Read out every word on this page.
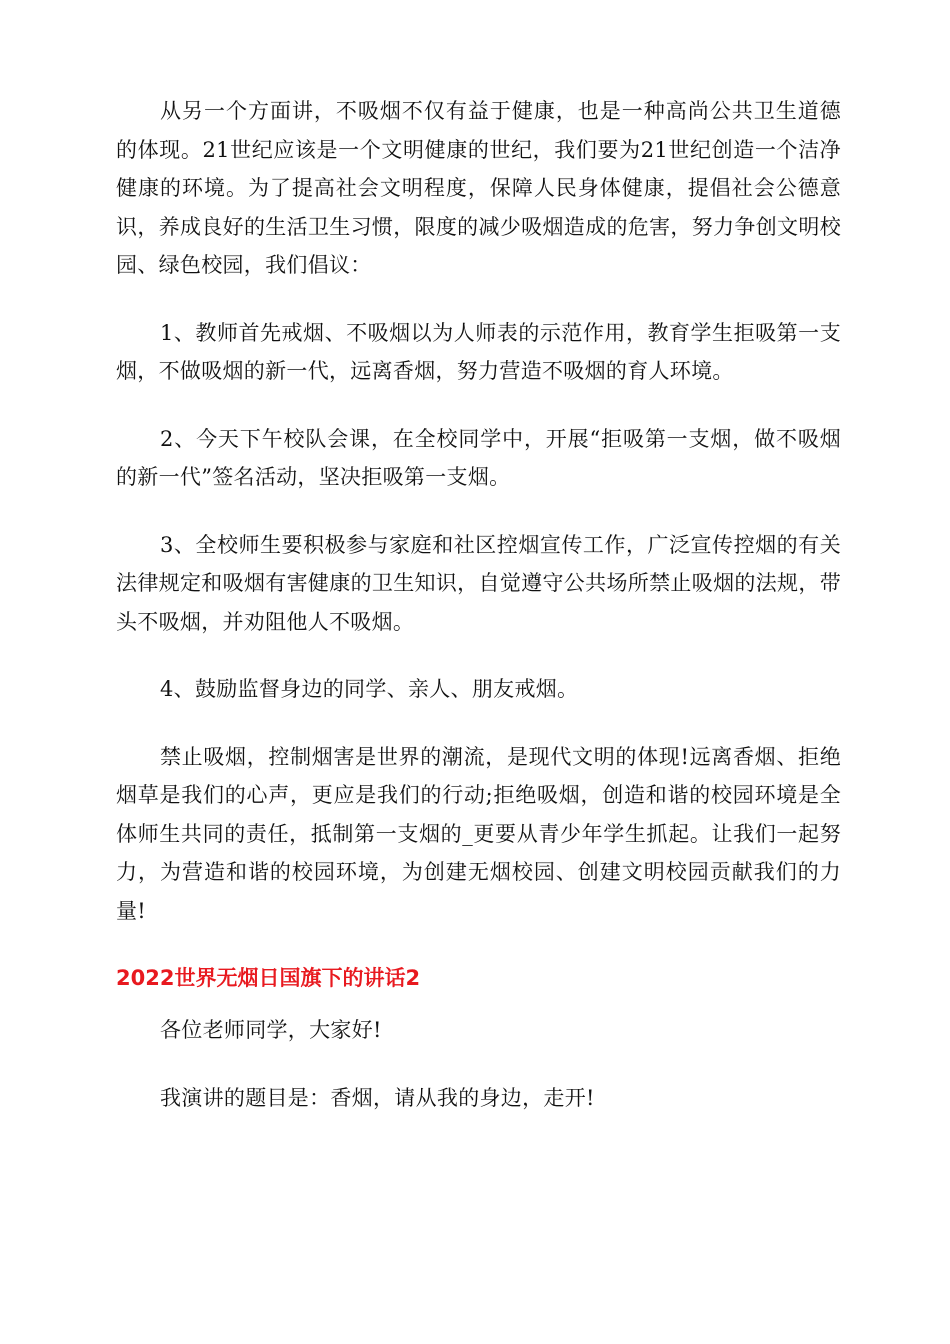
从另一个方面讲，不吸烟不仅有益于健康，也是一种高尚公共卫生道德的体现。21世纪应该是一个文明健康的世纪，我们要为21世纪创造一个洁净健康的环境。为了提高社会文明程度，保障人民身体健康，提倡社会公德意识，养成良好的生活卫生习惯，限度的减少吸烟造成的危害，努力争创文明校园、绿色校园，我们倡议：

1、教师首先戒烟、不吸烟以为人师表的示范作用，教育学生拒吸第一支烟，不做吸烟的新一代，远离香烟，努力营造不吸烟的育人环境。

2、今天下午校队会课，在全校同学中，开展“拒吸第一支烟，做不吸烟的新一代”签名活动，坚决拒吸第一支烟。

3、全校师生要积极参与家庭和社区控烟宣传工作，广泛宣传控烟的有关法律规定和吸烟有害健康的卫生知识，自觉遵守公共场所禁止吸烟的法规，带头不吸烟，并劝阻他人不吸烟。

4、鼓励监督身边的同学、亲人、朋友戒烟。

禁止吸烟，控制烟害是世界的潮流，是现代文明的体现!远离香烟、拒绝烟草是我们的心声，更应是我们的行动;拒绝吸烟，创造和谐的校园环境是全体师生共同的责任，抵制第一支烟的_更要从青少年学生抓起。让我们一起努力，为营造和谐的校园环境，为创建无烟校园、创建文明校园贡献我们的力量!

2022世界无烟日国旗下的讲话2

各位老师同学，大家好!

我演讲的题目是：香烟，请从我的身边，走开!
